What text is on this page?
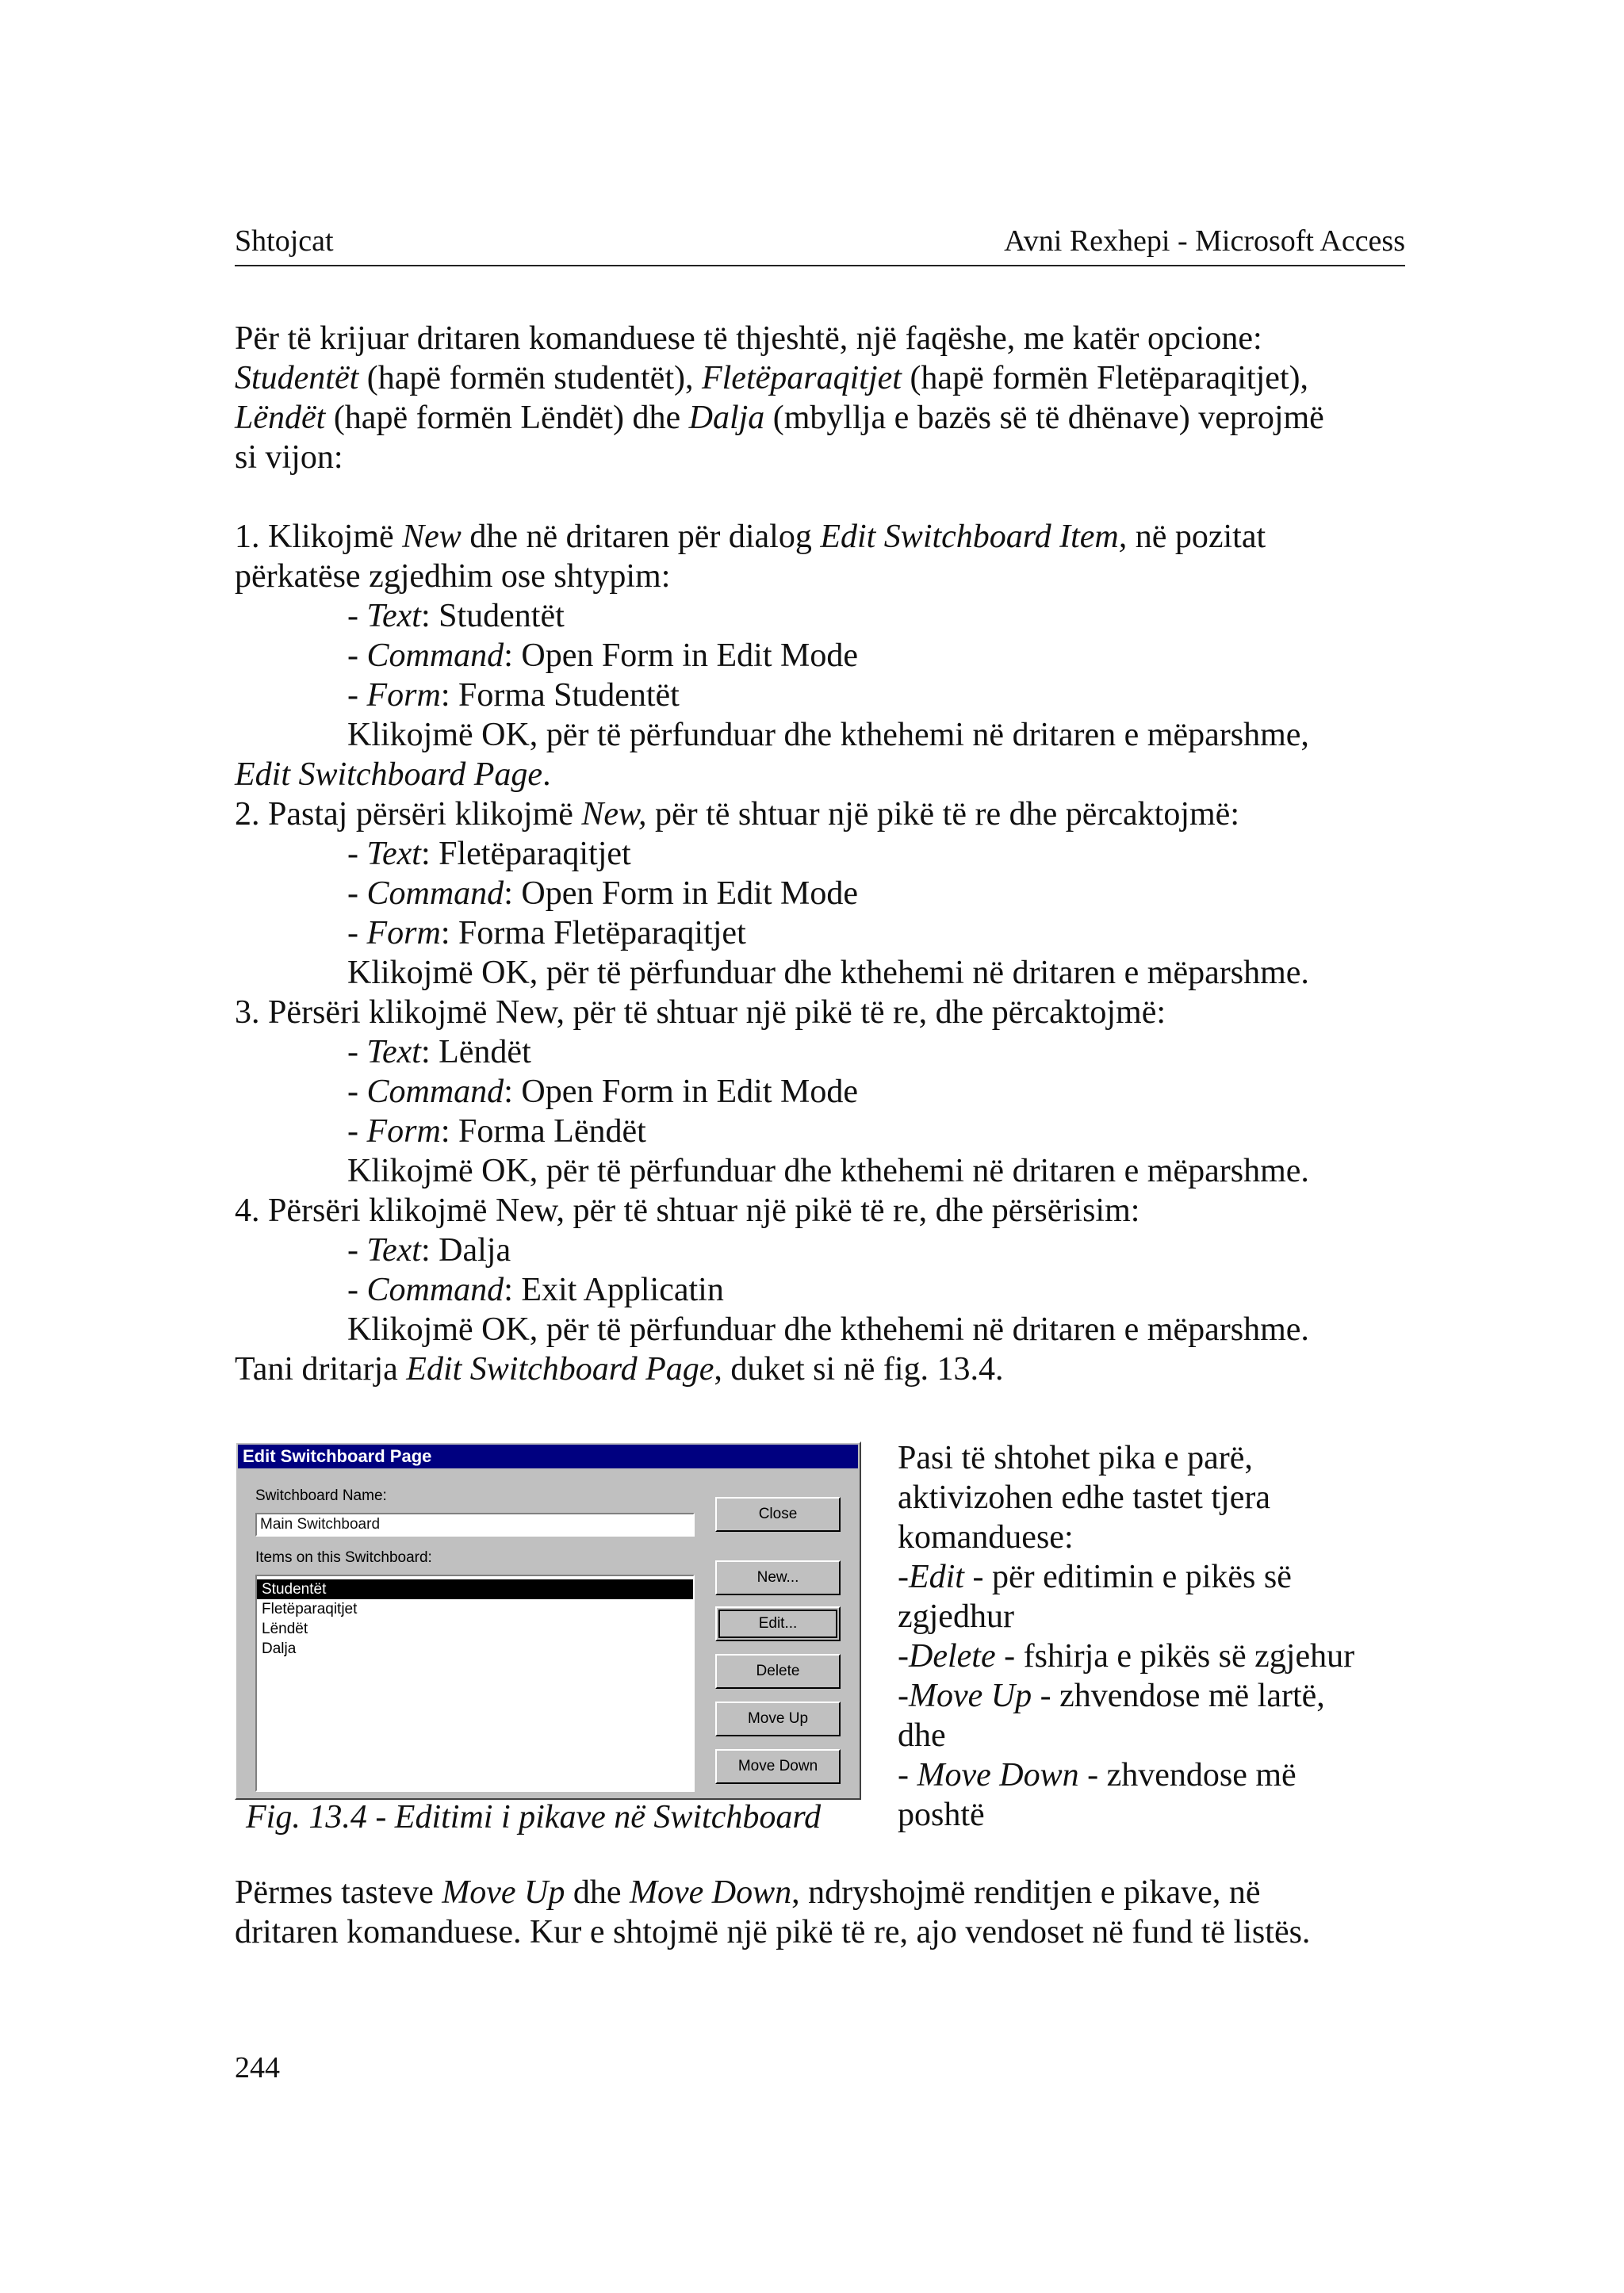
Shtojcat	Avni Rexhepi - Microsoft Access
Për të krijuar dritaren komanduese të thjeshtë, një faqëshe, me katër opcione:
Studentët (hapë formën studentët), Fletëparaqitjet (hapë formën Fletëparaqitjet),
Lëndët (hapë formën Lëndët) dhe Dalja (mbyllja e bazës së të dhënave) veprojmë
si vijon:
1. Klikojmë New dhe në dritaren për dialog Edit Switchboard Item, në pozitat
përkatëse zgjedhim ose shtypim:
- Text: Studentët
- Command: Open Form in Edit Mode
- Form: Forma Studentët
Klikojmë OK, për të përfunduar dhe kthehemi në dritaren e mëparshme,
Edit Switchboard Page.
2. Pastaj përsëri klikojmë New, për të shtuar një pikë të re dhe përcaktojmë:
- Text: Fletëparaqitjet
- Command: Open Form in Edit Mode
- Form: Forma Fletëparaqitjet
Klikojmë OK, për të përfunduar dhe kthehemi në dritaren e mëparshme.
3. Përsëri klikojmë New, për të shtuar një pikë të re, dhe përcaktojmë:
- Text: Lëndët
- Command: Open Form in Edit Mode
- Form: Forma Lëndët
Klikojmë OK, për të përfunduar dhe kthehemi në dritaren e mëparshme.
4. Përsëri klikojmë New, për të shtuar një pikë të re, dhe përsërisim:
- Text: Dalja
- Command: Exit Applicatin
Klikojmë OK, për të përfunduar dhe kthehemi në dritaren e mëparshme.
Tani dritarja Edit Switchboard Page, duket si në fig. 13.4.
Edit Switchboard Page
Switchboard Name:
Main Switchboard
Items on this Switchboard:
Studentët
Fletëparaqitjet
Lëndët
Dalja
Close
New...
Edit...
Delete
Move Up
Move Down
Fig. 13.4 - Editimi i pikave në Switchboard
Pasi të shtohet pika e parë,
aktivizohen edhe tastet tjera
komanduese:
-Edit - për editimin e pikës së
zgjedhur
-Delete - fshirja e pikës së zgjehur
-Move Up - zhvendose më lartë,
dhe
- Move Down - zhvendose më
poshtë
Përmes tasteve Move Up dhe Move Down, ndryshojmë renditjen e pikave, në
dritaren komanduese. Kur e shtojmë një pikë të re, ajo vendoset në fund të listës.
244
